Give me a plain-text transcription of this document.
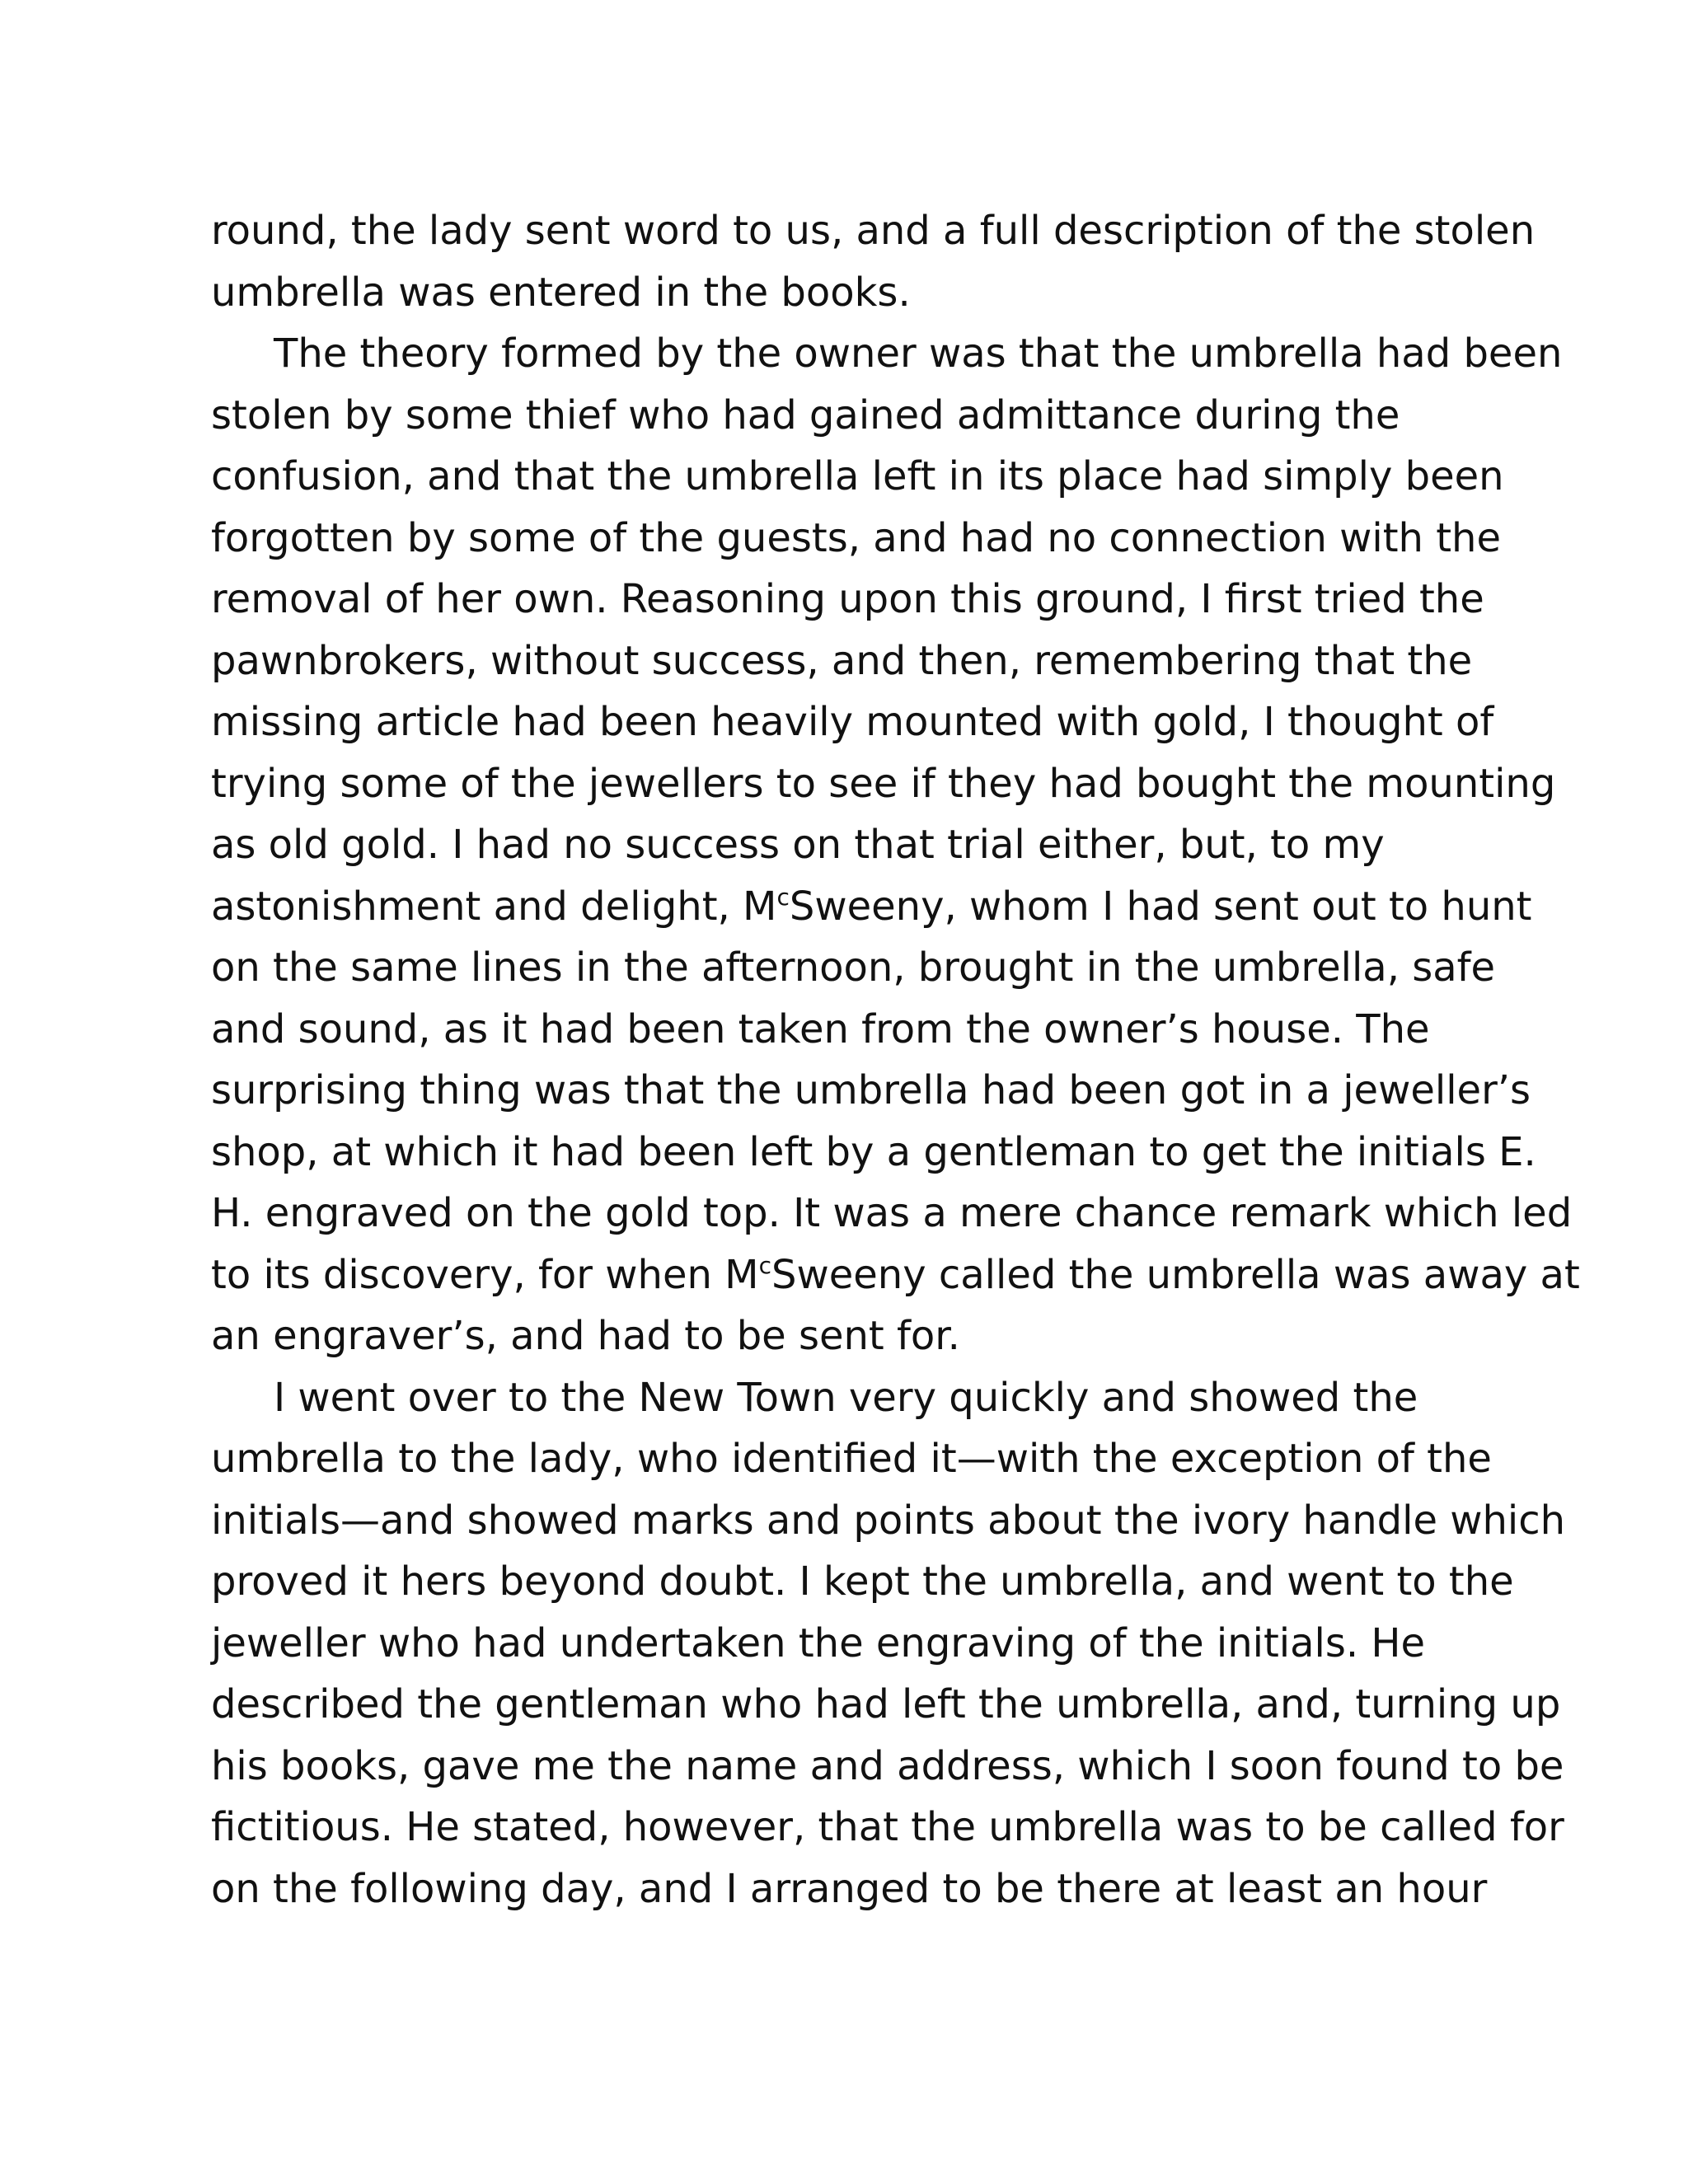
round, the lady sent word to us, and a full description of the stolen
umbrella was entered in the books.
The theory formed by the owner was that the umbrella had been
stolen by some thief who had gained admittance during the
confusion, and that the umbrella left in its place had simply been
forgotten by some of the guests, and had no connection with the
removal of her own. Reasoning upon this ground, I first tried the
pawnbrokers, without success, and then, remembering that the
missing article had been heavily mounted with gold, I thought of
trying some of the jewellers to see if they had bought the mounting
as old gold. I had no success on that trial either, but, to my
astonishment and delight, $M^cSweeny$, whom I had sent out to hunt
on the same lines in the afternoon, brought in the umbrella, safe
and sound, as it had been taken from the owner’s house. The
surprising thing was that the umbrella had been got in a jeweller’s
shop, at which it had been left by a gentleman to get the initials E.
H. engraved on the gold top. It was a mere chance remark which led
to its discovery, for when $M^cSweeny$ called the umbrella was away at
an engraver’s, and had to be sent for.
I went over to the New Town very quickly and showed the
umbrella to the lady, who identified it—with the exception of the
initials—and showed marks and points about the ivory handle which
proved it hers beyond doubt. I kept the umbrella, and went to the
jeweller who had undertaken the engraving of the initials. He
described the gentleman who had left the umbrella, and, turning up
his books, gave me the name and address, which I soon found to be
fictitious. He stated, however, that the umbrella was to be called for
on the following day, and I arranged to be there at least an hour
